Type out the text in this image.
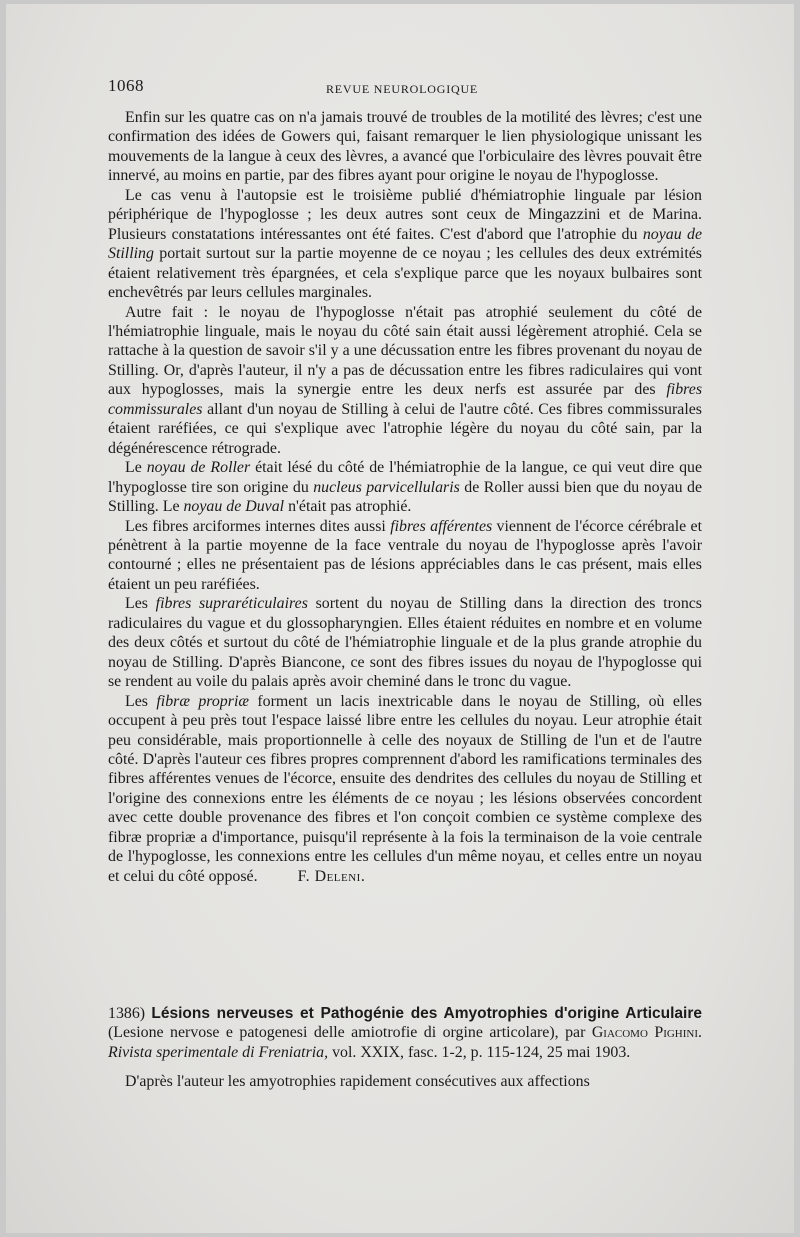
1068	REVUE NEUROLOGIQUE

Enfin sur les quatre cas on n'a jamais trouvé de troubles de la motilité des lèvres; c'est une confirmation des idées de Gowers qui, faisant remarquer le lien physiologique unissant les mouvements de la langue à ceux des lèvres, a avancé que l'orbiculaire des lèvres pouvait être innervé, au moins en partie, par des fibres ayant pour origine le noyau de l'hypoglosse.

Le cas venu à l'autopsie est le troisième publié d'hémiatrophie linguale par lésion périphérique de l'hypoglosse ; les deux autres sont ceux de Mingazzini et de Marina. Plusieurs constatations intéressantes ont été faites. C'est d'abord que l'atrophie du noyau de Stilling portait surtout sur la partie moyenne de ce noyau ; les cellules des deux extrémités étaient relativement très épargnées, et cela s'explique parce que les noyaux bulbaires sont enchevêtrés par leurs cellules marginales.

Autre fait : le noyau de l'hypoglosse n'était pas atrophié seulement du côté de l'hémiatrophie linguale, mais le noyau du côté sain était aussi légèrement atrophié. Cela se rattache à la question de savoir s'il y a une décussation entre les fibres provenant du noyau de Stilling. Or, d'après l'auteur, il n'y a pas de décussation entre les fibres radiculaires qui vont aux hypoglosses, mais la synergie entre les deux nerfs est assurée par des fibres commissurales allant d'un noyau de Stilling à celui de l'autre côté. Ces fibres commissurales étaient raréfiées, ce qui s'explique avec l'atrophie légère du noyau du côté sain, par la dégénérescence rétrograde.

Le noyau de Roller était lésé du côté de l'hémiatrophie de la langue, ce qui veut dire que l'hypoglosse tire son origine du nucleus parvicellularis de Roller aussi bien que du noyau de Stilling. Le noyau de Duval n'était pas atrophié.

Les fibres arciformes internes dites aussi fibres afférentes viennent de l'écorce cérébrale et pénètrent à la partie moyenne de la face ventrale du noyau de l'hypoglosse après l'avoir contourné ; elles ne présentaient pas de lésions appréciables dans le cas présent, mais elles étaient un peu raréfiées.

Les fibres supraréticulaires sortent du noyau de Stilling dans la direction des troncs radiculaires du vague et du glossopharyngien. Elles étaient réduites en nombre et en volume des deux côtés et surtout du côté de l'hémiatrophie linguale et de la plus grande atrophie du noyau de Stilling. D'après Biancone, ce sont des fibres issues du noyau de l'hypoglosse qui se rendent au voile du palais après avoir cheminé dans le tronc du vague.

Les fibræ propriæ forment un lacis inextricable dans le noyau de Stilling, où elles occupent à peu près tout l'espace laissé libre entre les cellules du noyau. Leur atrophie était peu considérable, mais proportionnelle à celle des noyaux de Stilling de l'un et de l'autre côté. D'après l'auteur ces fibres propres comprennent d'abord les ramifications terminales des fibres afférentes venues de l'écorce, ensuite des dendrites des cellules du noyau de Stilling et l'origine des connexions entre les éléments de ce noyau ; les lésions observées concordent avec cette double provenance des fibres et l'on conçoit combien ce système complexe des fibræ propriæ a d'importance, puisqu'il représente à la fois la terminaison de la voie centrale de l'hypoglosse, les connexions entre les cellules d'un même noyau, et celles entre un noyau et celui du côté opposé.	F. Deleni.

1386) Lésions nerveuses et Pathogénie des Amyotrophies d'origine Articulaire (Lesione nervose e patogenesi delle amiotrofie di orgine articolare), par Giacomo Pighini. Rivista sperimentale di Freniatria, vol. XXIX, fasc. 1-2, p. 115-124, 25 mai 1903.

D'après l'auteur les amyotrophies rapidement consécutives aux affections
